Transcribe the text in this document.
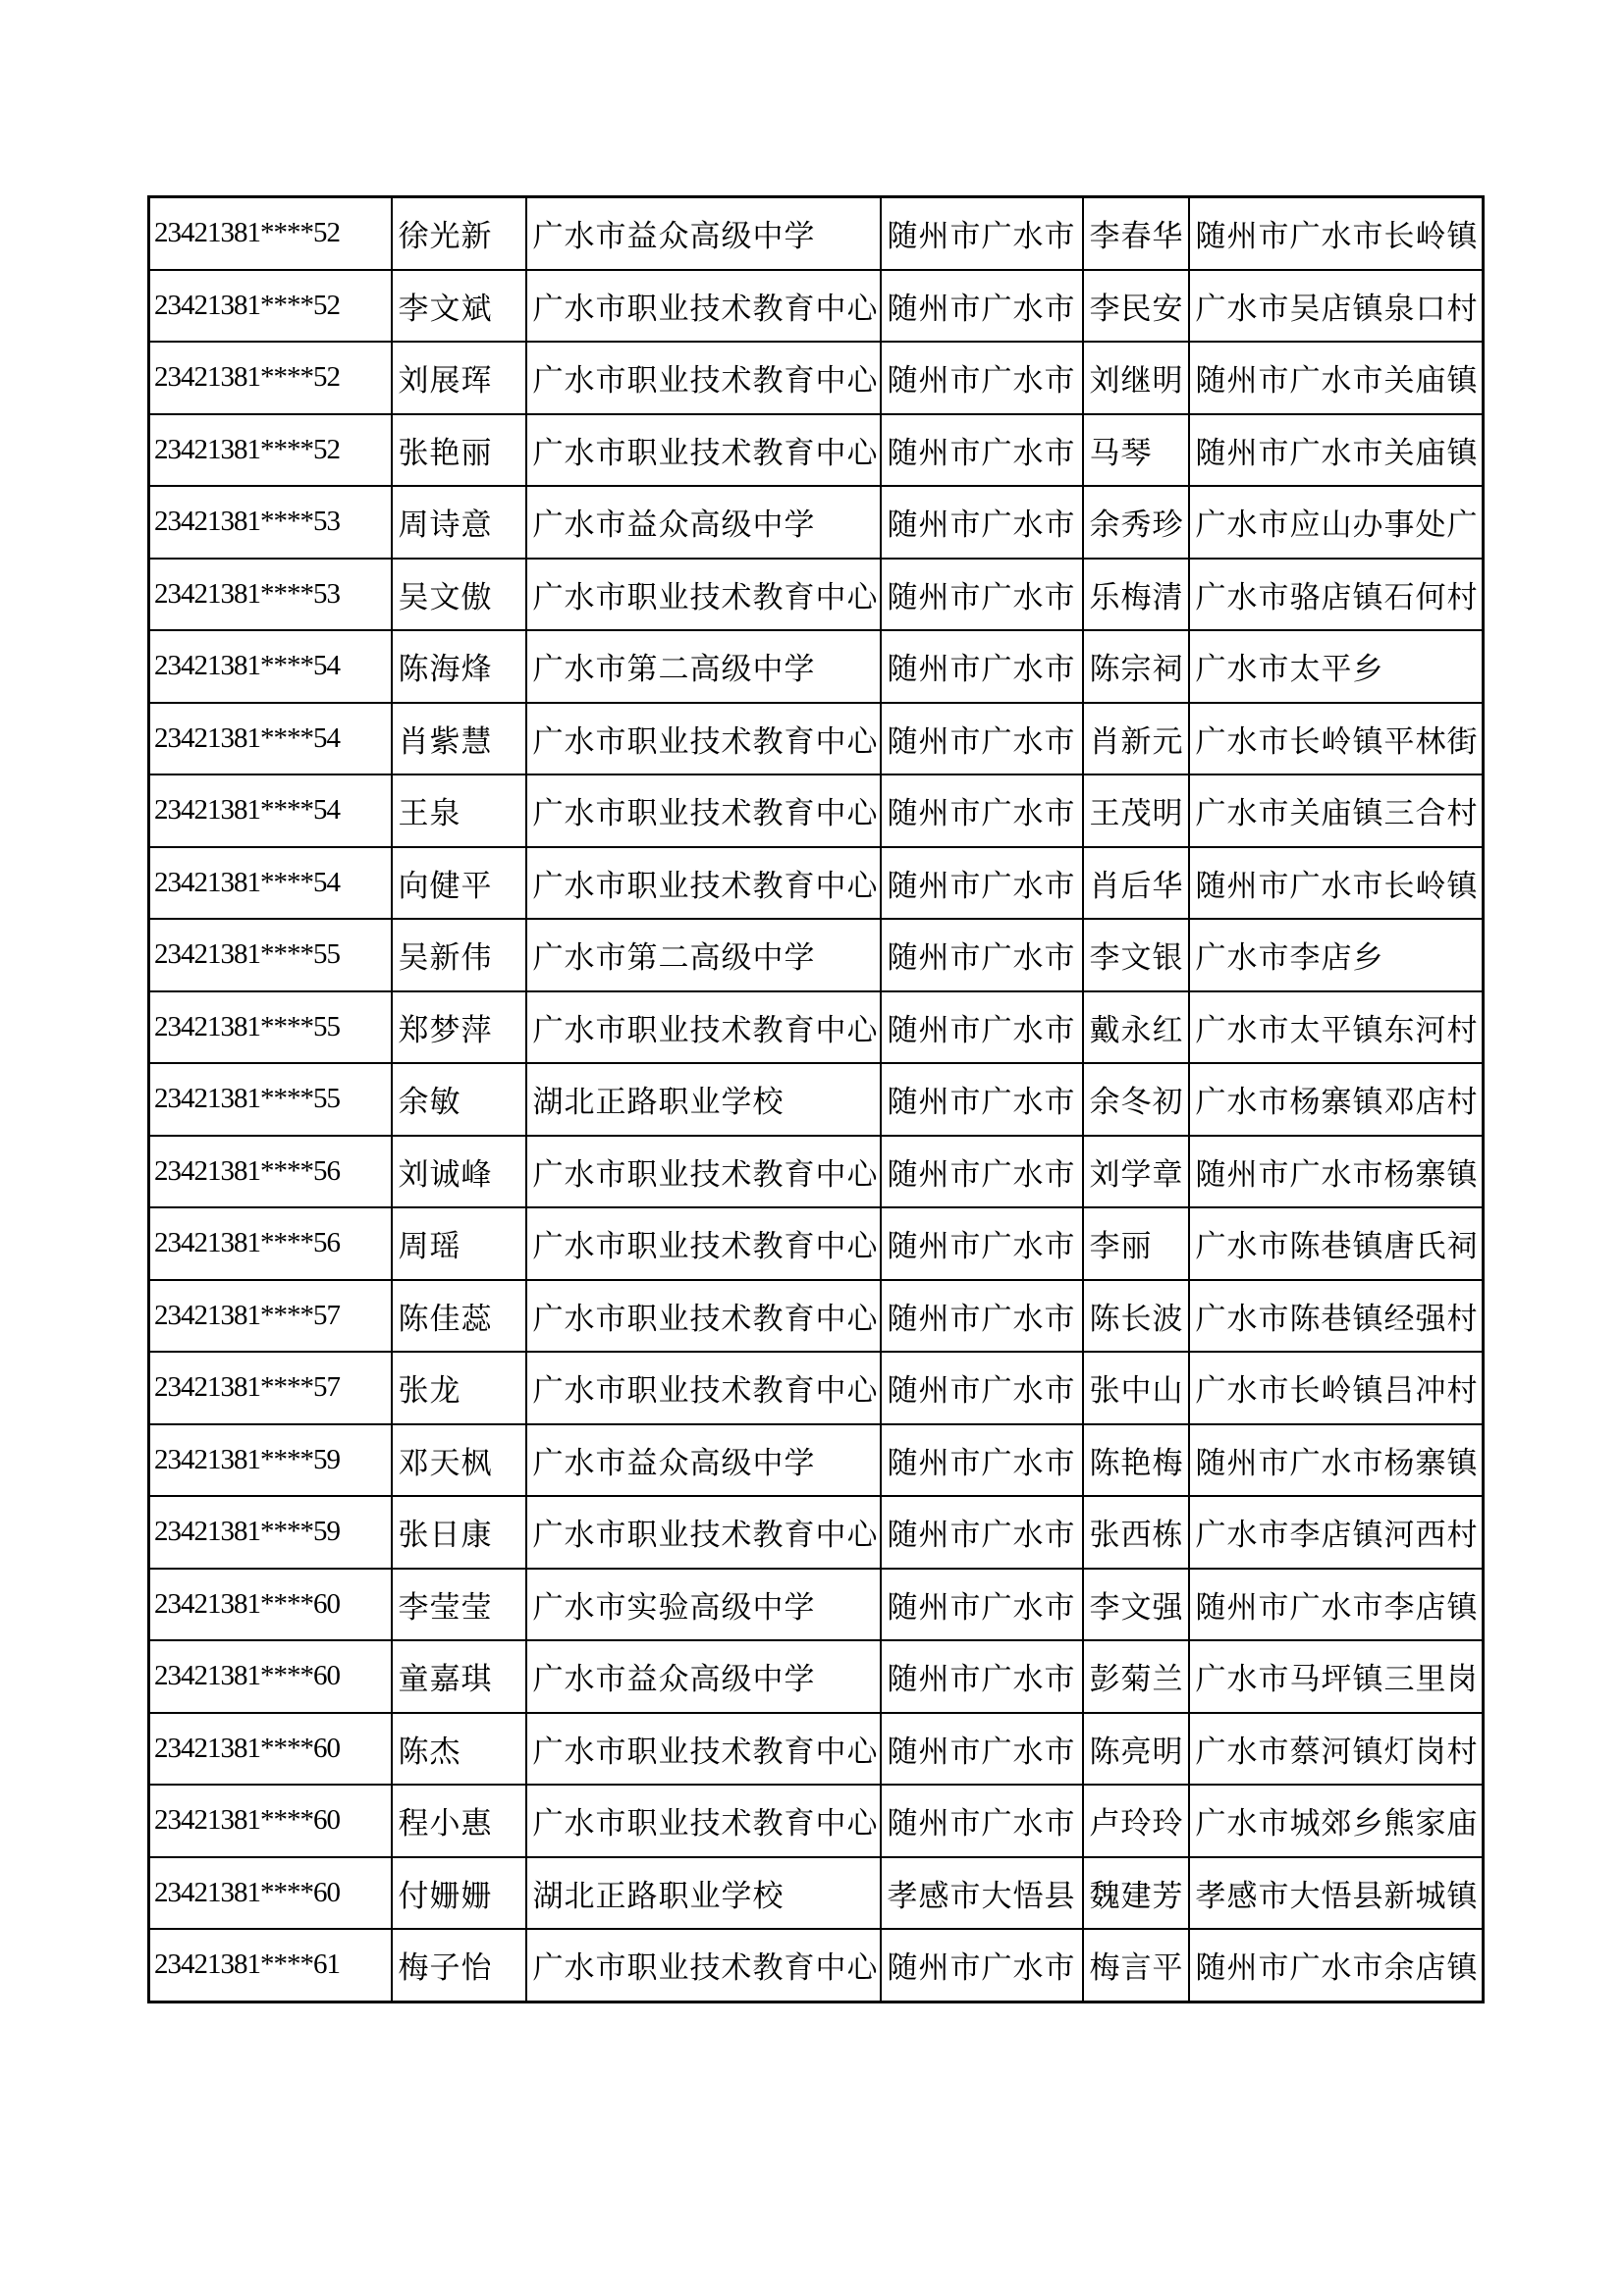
23421381****52	徐光新	广水市益众高级中学	随州市广水市	李春华	随州市广水市长岭镇
23421381****52	李文斌	广水市职业技术教育中心	随州市广水市	李民安	广水市吴店镇泉口村
23421381****52	刘展珲	广水市职业技术教育中心	随州市广水市	刘继明	随州市广水市关庙镇
23421381****52	张艳丽	广水市职业技术教育中心	随州市广水市	马琴	随州市广水市关庙镇
23421381****53	周诗意	广水市益众高级中学	随州市广水市	余秀珍	广水市应山办事处广
23421381****53	吴文傲	广水市职业技术教育中心	随州市广水市	乐梅清	广水市骆店镇石何村
23421381****54	陈海烽	广水市第二高级中学	随州市广水市	陈宗祠	广水市太平乡
23421381****54	肖紫慧	广水市职业技术教育中心	随州市广水市	肖新元	广水市长岭镇平林街
23421381****54	王泉	广水市职业技术教育中心	随州市广水市	王茂明	广水市关庙镇三合村
23421381****54	向健平	广水市职业技术教育中心	随州市广水市	肖后华	随州市广水市长岭镇
23421381****55	吴新伟	广水市第二高级中学	随州市广水市	李文银	广水市李店乡
23421381****55	郑梦萍	广水市职业技术教育中心	随州市广水市	戴永红	广水市太平镇东河村
23421381****55	余敏	湖北正路职业学校	随州市广水市	余冬初	广水市杨寨镇邓店村
23421381****56	刘诚峰	广水市职业技术教育中心	随州市广水市	刘学章	随州市广水市杨寨镇
23421381****56	周瑶	广水市职业技术教育中心	随州市广水市	李丽	广水市陈巷镇唐氏祠
23421381****57	陈佳蕊	广水市职业技术教育中心	随州市广水市	陈长波	广水市陈巷镇经强村
23421381****57	张龙	广水市职业技术教育中心	随州市广水市	张中山	广水市长岭镇吕冲村
23421381****59	邓天枫	广水市益众高级中学	随州市广水市	陈艳梅	随州市广水市杨寨镇
23421381****59	张日康	广水市职业技术教育中心	随州市广水市	张西栋	广水市李店镇河西村
23421381****60	李莹莹	广水市实验高级中学	随州市广水市	李文强	随州市广水市李店镇
23421381****60	童嘉琪	广水市益众高级中学	随州市广水市	彭菊兰	广水市马坪镇三里岗
23421381****60	陈杰	广水市职业技术教育中心	随州市广水市	陈亮明	广水市蔡河镇灯岗村
23421381****60	程小惠	广水市职业技术教育中心	随州市广水市	卢玲玲	广水市城郊乡熊家庙
23421381****60	付姗姗	湖北正路职业学校	孝感市大悟县	魏建芳	孝感市大悟县新城镇
23421381****61	梅子怡	广水市职业技术教育中心	随州市广水市	梅言平	随州市广水市余店镇
